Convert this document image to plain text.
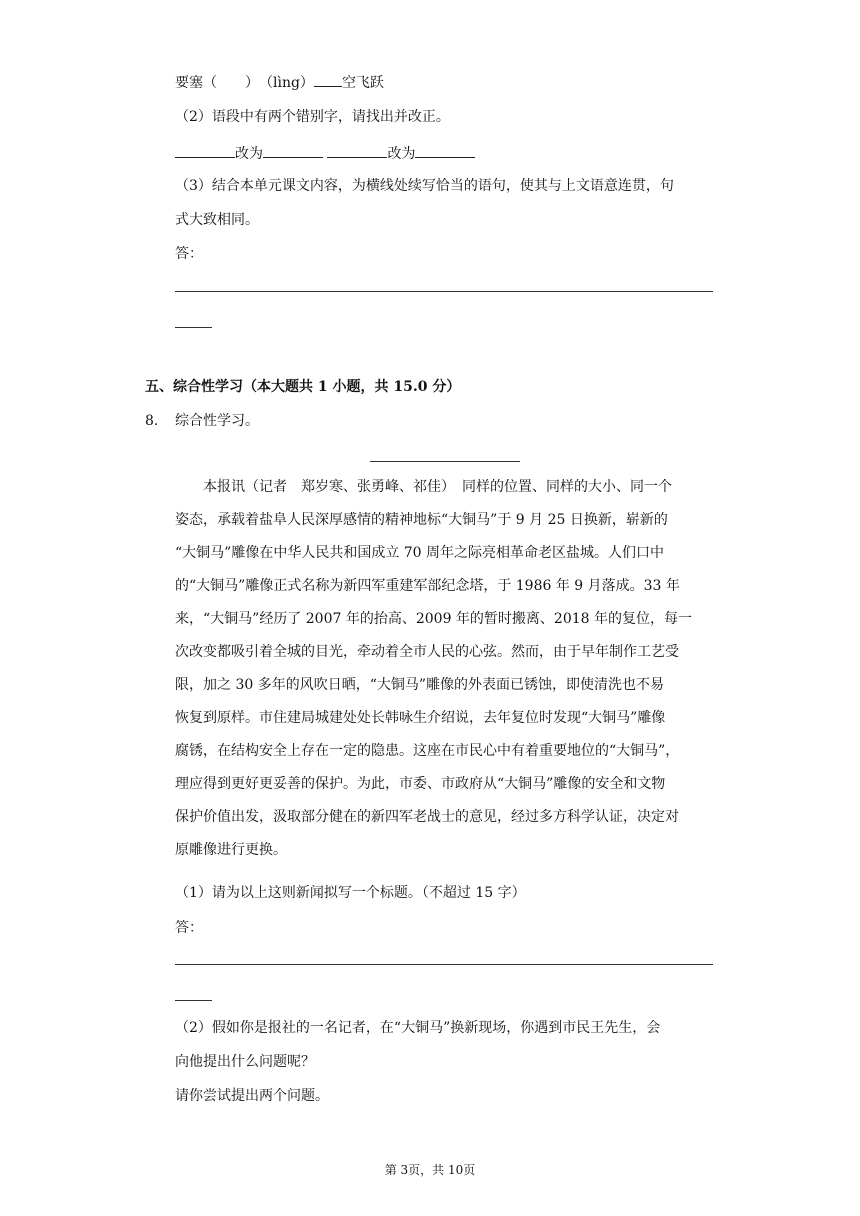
要塞（　　）　（lìng） 空飞跃
（2）语段中有两个错别字，请找出并改正。
改为	改为
（3）结合本单元课文内容，为横线处续写恰当的语句，使其与上文语意连贯，句
式大致相同。
答：
五、综合性学习（本大题共 1 小题，共 15.0 分）
8. 综合性学习。
本报讯（记者　郑岁寒、张勇峰、祁佳）　同样的位置、同样的大小、同一个
姿态，承载着盐阜人民深厚感情的精神地标“大铜马”于 9 月 25 日换新，崭新的
“大铜马”雕像在中华人民共和国成立 70 周年之际亮相革命老区盐城。人们口中
的“大铜马”雕像正式名称为新四军重建军部纪念塔，于 1986 年 9 月落成。33 年
来，“大铜马”经历了 2007 年的抬高、2009 年的暂时搬离、2018 年的复位，每一
次改变都吸引着全城的目光，牵动着全市人民的心弦。然而，由于早年制作工艺受
限，加之 30 多年的风吹日晒，“大铜马”雕像的外表面已锈蚀，即使清洗也不易
恢复到原样。市住建局城建处处长韩咏生介绍说，去年复位时发现“大铜马”雕像
腐锈，在结构安全上存在一定的隐患。这座在市民心中有着重要地位的“大铜马”，
理应得到更好更妥善的保护。为此，市委、市政府从“大铜马”雕像的安全和文物
保护价值出发，汲取部分健在的新四军老战士的意见，经过多方科学认证，决定对
原雕像进行更换。
（1）请为以上这则新闻拟写一个标题。（不超过 15 字）
答：
（2）假如你是报社的一名记者，在“大铜马”换新现场，你遇到市民王先生，会
向他提出什么问题呢？
请你尝试提出两个问题。
第 3页，共 10页
